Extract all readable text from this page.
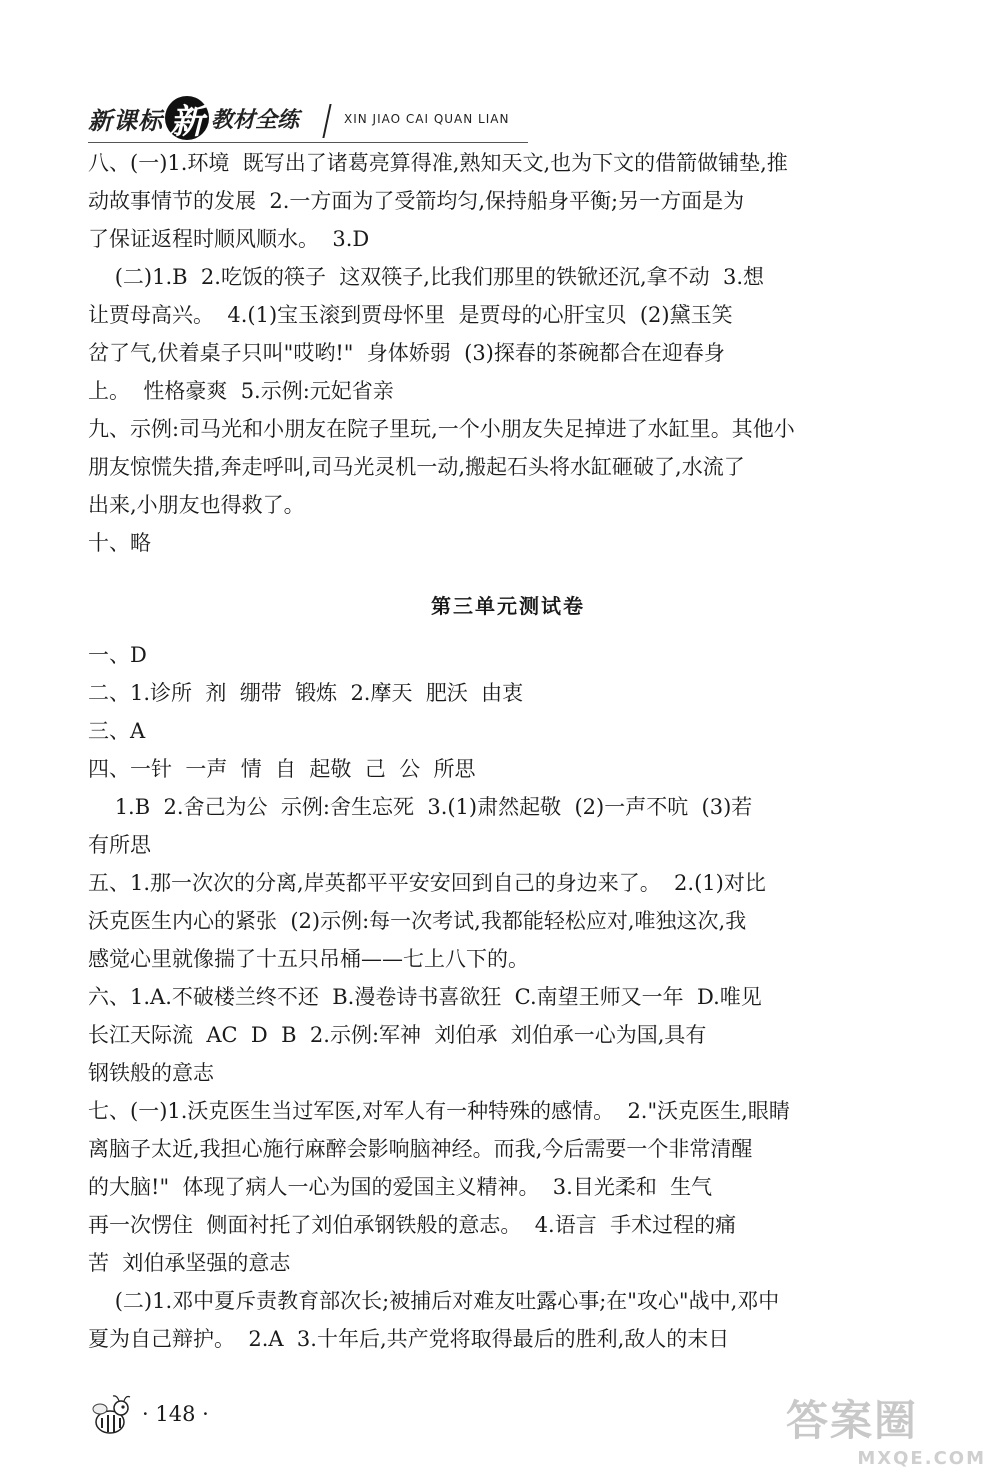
新课标 新 教材全练	XIN JIAO CAI QUAN LIAN
八、(一)1.环境  既写出了诸葛亮算得准,熟知天文,也为下文的借箭做铺垫,推
动故事情节的发展  2.一方面为了受箭均匀,保持船身平衡;另一方面是为
了保证返程时顺风顺水。  3.D
(二)1.B  2.吃饭的筷子  这双筷子,比我们那里的铁锨还沉,拿不动  3.想
让贾母高兴。  4.(1)宝玉滚到贾母怀里  是贾母的心肝宝贝  (2)黛玉笑
岔了气,伏着桌子只叫"哎哟!"  身体娇弱  (3)探春的茶碗都合在迎春身
上。  性格豪爽  5.示例:元妃省亲
九、示例:司马光和小朋友在院子里玩,一个小朋友失足掉进了水缸里。其他小
朋友惊慌失措,奔走呼叫,司马光灵机一动,搬起石头将水缸砸破了,水流了
出来,小朋友也得救了。
十、略
第三单元测试卷
一、D
二、1.诊所  剂  绷带  锻炼  2.摩天  肥沃  由衷
三、A
四、一针  一声  情  自  起敬  己  公  所思
1.B  2.舍己为公  示例:舍生忘死  3.(1)肃然起敬  (2)一声不吭  (3)若
有所思
五、1.那一次次的分离,岸英都平平安安回到自己的身边来了。  2.(1)对比
沃克医生内心的紧张  (2)示例:每一次考试,我都能轻松应对,唯独这次,我
感觉心里就像揣了十五只吊桶——七上八下的。
六、1.A.不破楼兰终不还  B.漫卷诗书喜欲狂  C.南望王师又一年  D.唯见
长江天际流  AC  D  B  2.示例:军神  刘伯承  刘伯承一心为国,具有
钢铁般的意志
七、(一)1.沃克医生当过军医,对军人有一种特殊的感情。  2."沃克医生,眼睛
离脑子太近,我担心施行麻醉会影响脑神经。而我,今后需要一个非常清醒
的大脑!"  体现了病人一心为国的爱国主义精神。  3.目光柔和  生气
再一次愣住  侧面衬托了刘伯承钢铁般的意志。  4.语言  手术过程的痛
苦  刘伯承坚强的意志
(二)1.邓中夏斥责教育部次长;被捕后对难友吐露心事;在"攻心"战中,邓中
夏为自己辩护。  2.A  3.十年后,共产党将取得最后的胜利,敌人的末日
· 148 ·	答案圈
MXQE.COM
